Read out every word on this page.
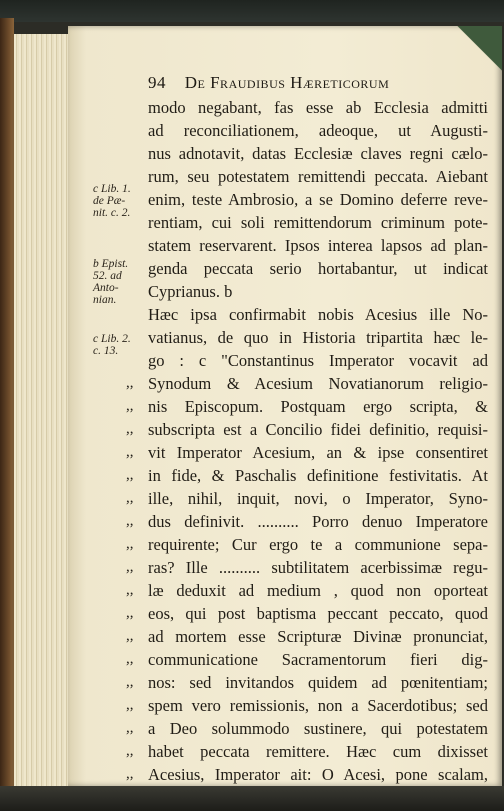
94 De Fraudibus Hæreticorum
modo negabant, fas esse ab Ecclesia admitti
ad reconciliationem, adeoque, ut Augusti-
nus adnotavit, datas Ecclesiæ claves regni cælo-
rum, seu potestatem remittendi peccata. Aiebant
enim, teste Ambrosio, a se Domino deferre reve-
rentiam, cui soli remittendorum criminum pote-
statem reservarent. Ipsos interea lapsos ad plan-
genda peccata serio hortabantur, ut indicat
Cyprianus. b
Hæc ipsa confirmabit nobis Acesius ille No-
vatianus, de quo in Historia tripartita hæc le-
go : c "Constantinus Imperator vocavit ad
,, Synodum & Acesium Novatianorum religio-
,, nis Episcopum. Postquam ergo scripta, &
,, subscripta est a Concilio fidei definitio, requisi-
,, vit Imperator Acesium, an & ipse consentiret
,, in fide, & Paschalis definitione festivitatis. At
,, ille, nihil, inquit, novi, o Imperator, Syno-
,, dus definivit. .......... Porro denuo Imperatore
,, requirente; Cur ergo te a communione sepa-
,, ras? Ille .......... subtilitatem acerbissimæ regu-
,, læ deduxit ad medium , quod non oporteat
,, eos, qui post baptisma peccant peccato, quod
,, ad mortem esse Scripturæ Divinæ pronunciat,
,, communicatione Sacramentorum fieri dig-
,, nos: sed invitandos quidem ad pœnitentiam;
,, spem vero remissionis, non a Sacerdotibus; sed
,, a Deo solummodo sustinere, qui potestatem
,, habet peccata remittere. Hæc cum dixisset
,, Acesius, Imperator ait: O Acesi, pone scalam,
c Lib. 1.
de Pæ-
nit. c. 2.
b Epist.
52. ad
Anto-
nian.
c Lib. 2.
c. 13.
